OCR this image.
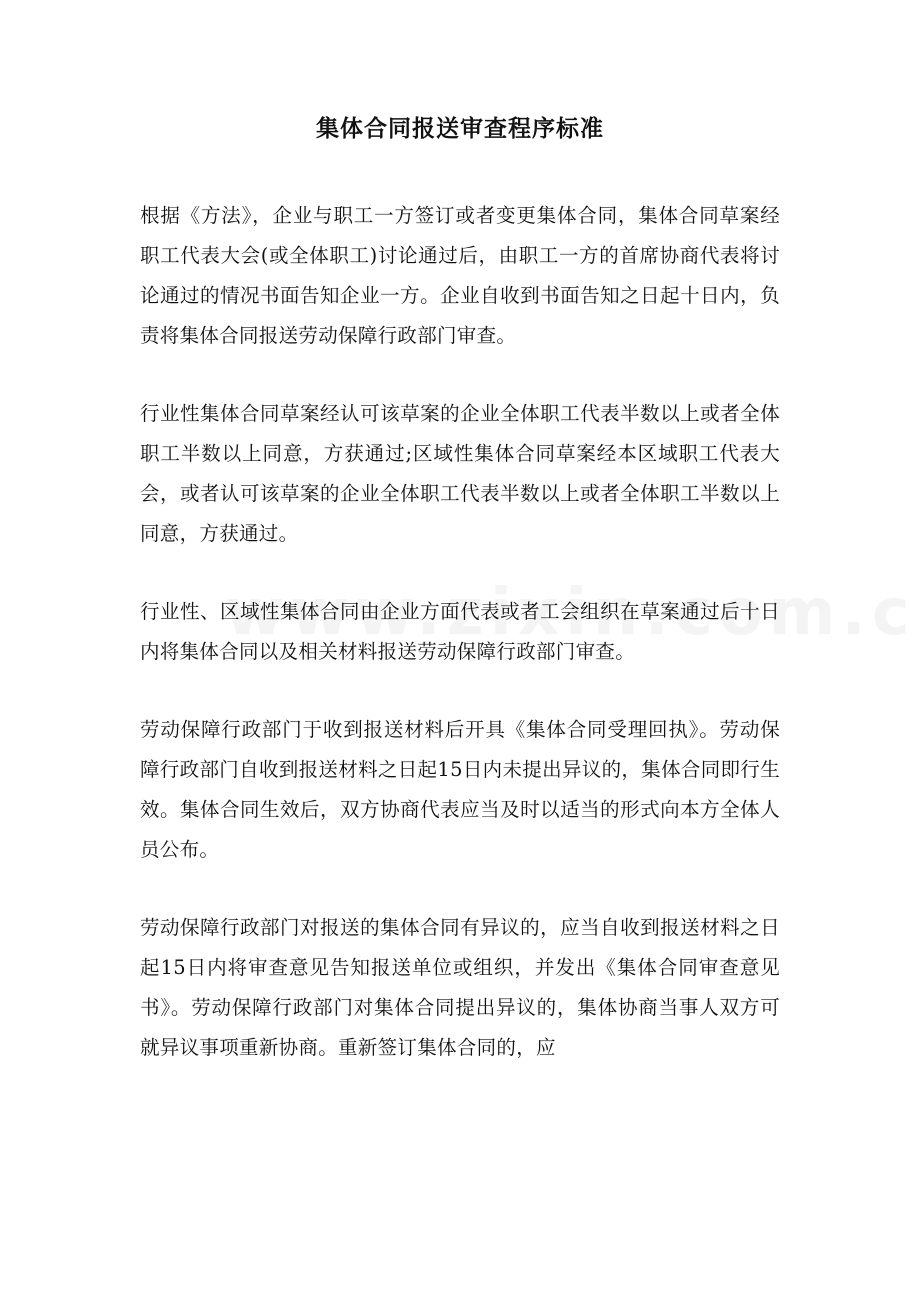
集体合同报送审查程序标准

根据《方法》，企业与职工一方签订或者变更集体合同，集体合同草案经职工代表大会(或全体职工)讨论通过后，由职工一方的首席协商代表将讨论通过的情况书面告知企业一方。企业自收到书面告知之日起十日内，负责将集体合同报送劳动保障行政部门审查。

行业性集体合同草案经认可该草案的企业全体职工代表半数以上或者全体职工半数以上同意，方获通过;区域性集体合同草案经本区域职工代表大会，或者认可该草案的企业全体职工代表半数以上或者全体职工半数以上同意，方获通过。

行业性、区域性集体合同由企业方面代表或者工会组织在草案通过后十日内将集体合同以及相关材料报送劳动保障行政部门审查。

劳动保障行政部门于收到报送材料后开具《集体合同受理回执》。劳动保障行政部门自收到报送材料之日起15日内未提出异议的，集体合同即行生效。集体合同生效后，双方协商代表应当及时以适当的形式向本方全体人员公布。

劳动保障行政部门对报送的集体合同有异议的，应当自收到报送材料之日起15日内将审查意见告知报送单位或组织，并发出《集体合同审查意见书》。劳动保障行政部门对集体合同提出异议的，集体协商当事人双方可就异议事项重新协商。重新签订集体合同的，应
